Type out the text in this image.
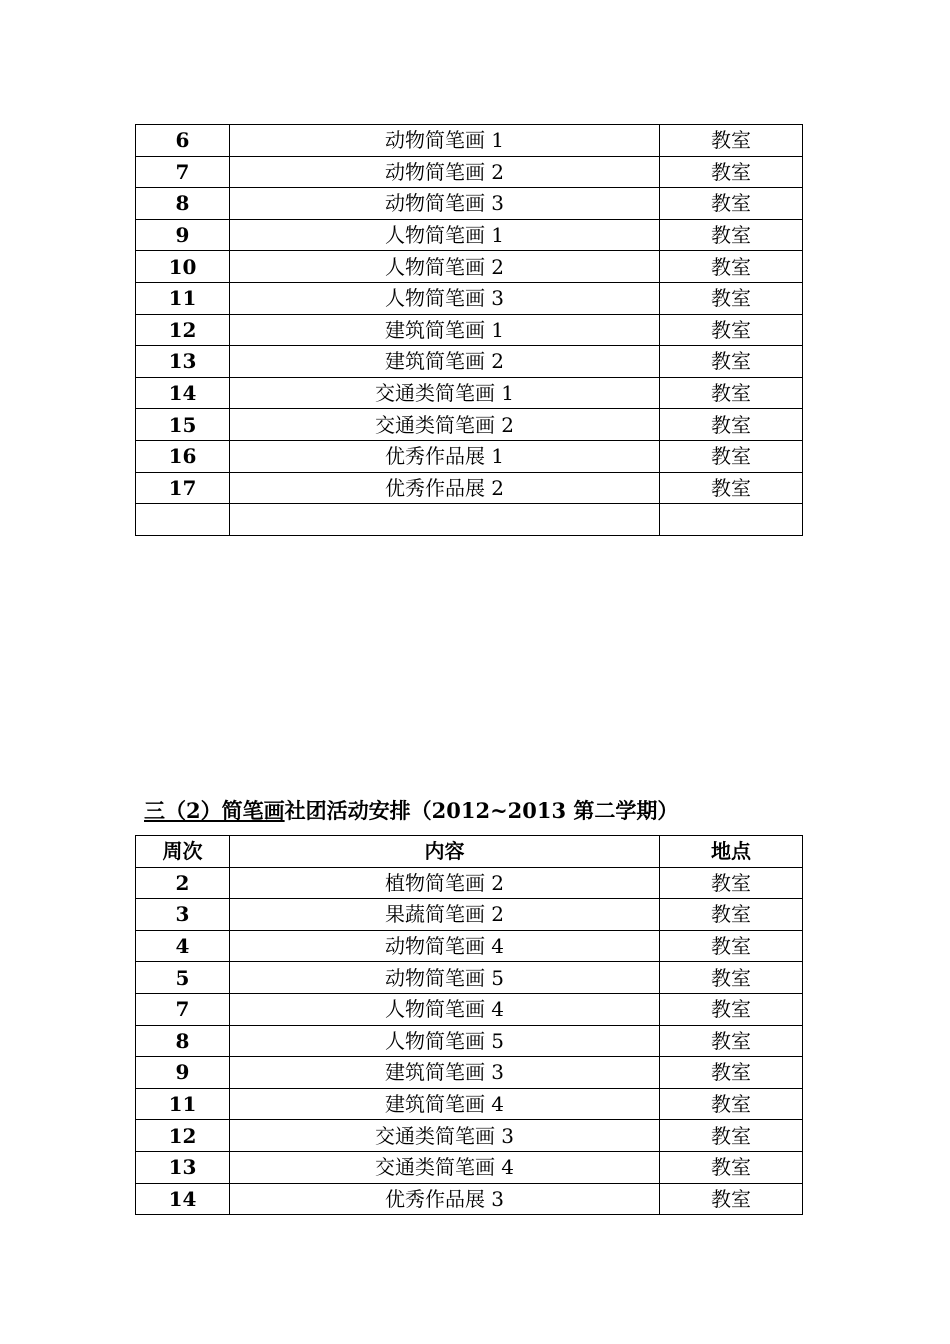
6	动物简笔画 1	教室
7	动物简笔画 2	教室
8	动物简笔画 3	教室
9	人物简笔画 1	教室
10	人物简笔画 2	教室
11	人物简笔画 3	教室
12	建筑简笔画 1	教室
13	建筑简笔画 2	教室
14	交通类简笔画 1	教室
15	交通类简笔画 2	教室
16	优秀作品展 1	教室
17	优秀作品展 2	教室

三（2）简笔画社团活动安排（2012~2013 第二学期）
周次	内容	地点
2	植物简笔画 2	教室
3	果蔬简笔画 2	教室
4	动物简笔画 4	教室
5	动物简笔画 5	教室
7	人物简笔画 4	教室
8	人物简笔画 5	教室
9	建筑简笔画 3	教室
11	建筑简笔画 4	教室
12	交通类简笔画 3	教室
13	交通类简笔画 4	教室
14	优秀作品展 3	教室
